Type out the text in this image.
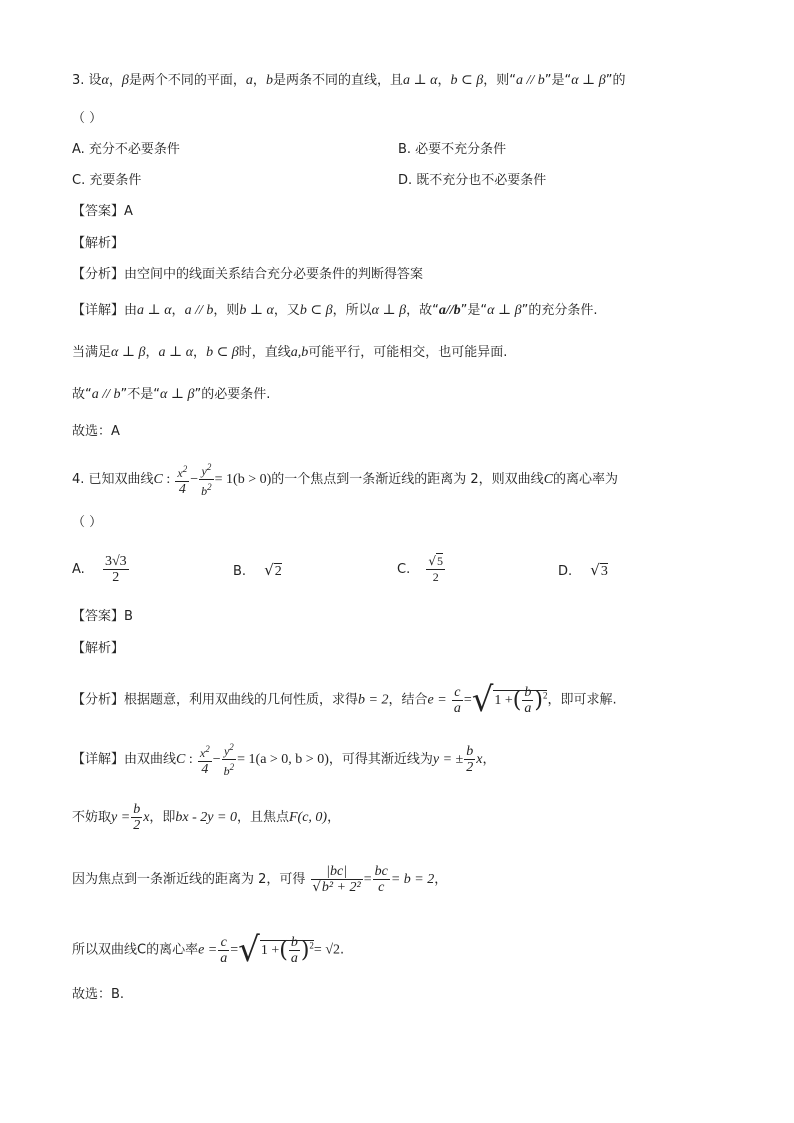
3. 设α，β是两个不同的平面，a，b是两条不同的直线，且a ⊥ α，b ⊂ β，则“a // b”是“α ⊥ β”的
（ ）
A. 充分不必要条件	B. 必要不充分条件
C. 充要条件	D. 既不充分也不必要条件
【答案】A
【解析】
【分析】由空间中的线面关系结合充分必要条件的判断得答案
【详解】由a ⊥ α，a // b，则b ⊥ α，又b ⊂ β，所以α ⊥ β，故“a//b”是“α ⊥ β”的充分条件.
当满足α ⊥ β，a ⊥ α，b ⊂ β时，直线a,b可能平行，可能相交，也可能异面.
故“a // b”不是“α ⊥ β”的必要条件.
故选：A
4. 已知双曲线C : $\frac{x^2}{4} - \frac{y^2}{b^2} = 1(b > 0)$的一个焦点到一条渐近线的距离为 2，则双曲线C的离心率为
（ ）
A. $\frac{3√3}{2}$	B. √2	C. $\frac{√5}{2}$	D. √3
【答案】B
【解析】
【分析】根据题意，利用双曲线的几何性质，求得b = 2，结合$e = \frac{c}{a} =√1$ +( $\frac{b}{a} )^2$，即可求解.
【详解】由双曲线C : $\frac{x^2}{4} - \frac{y^2}{b^2} = 1(a > 0$, b > 0)，可得其渐近线为y = ± $\frac{b}{2}$ x，
不妨取$y = \frac{b}{2}$ x，即bx - 2y = 0，且焦点F(c, 0)，
因为焦点到一条渐近线的距离为 2，可得 $\frac{|bc|}{\text{√b² + 2²}} = \frac{bc}{c} = b = 2$，
所以双曲线C的离心率$e = \frac{c}{a} =√1$ +( $\frac{b}{a} )^2= √2$.
故选：B.
